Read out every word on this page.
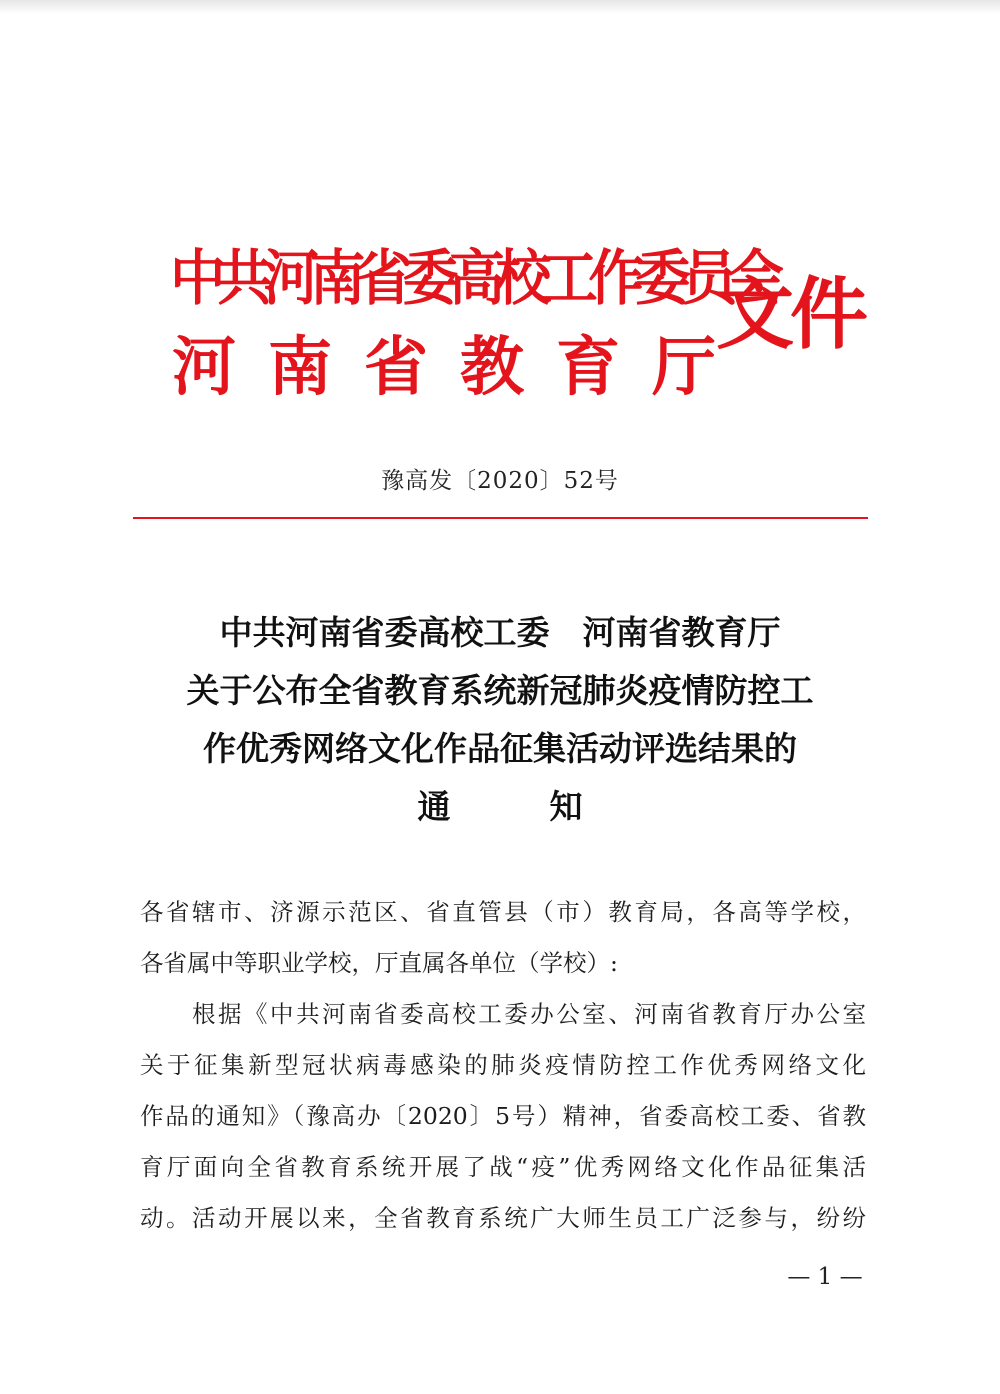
中共河南省委高校工作委员会
河南省教育厅
文件
豫高发〔2020〕52号
中共河南省委高校工委　河南省教育厅
关于公布全省教育系统新冠肺炎疫情防控工
作优秀网络文化作品征集活动评选结果的
通　　　知
各省辖市、济源示范区、省直管县（市）教育局，各高等学校，
各省属中等职业学校，厅直属各单位（学校）:
根据《中共河南省委高校工委办公室、河南省教育厅办公室
关于征集新型冠状病毒感染的肺炎疫情防控工作优秀网络文化
作品的通知》（豫高办〔2020〕5号）精神，省委高校工委、省教
育厅面向全省教育系统开展了战“疫”优秀网络文化作品征集活
动。活动开展以来，全省教育系统广大师生员工广泛参与，纷纷
— 1 —
